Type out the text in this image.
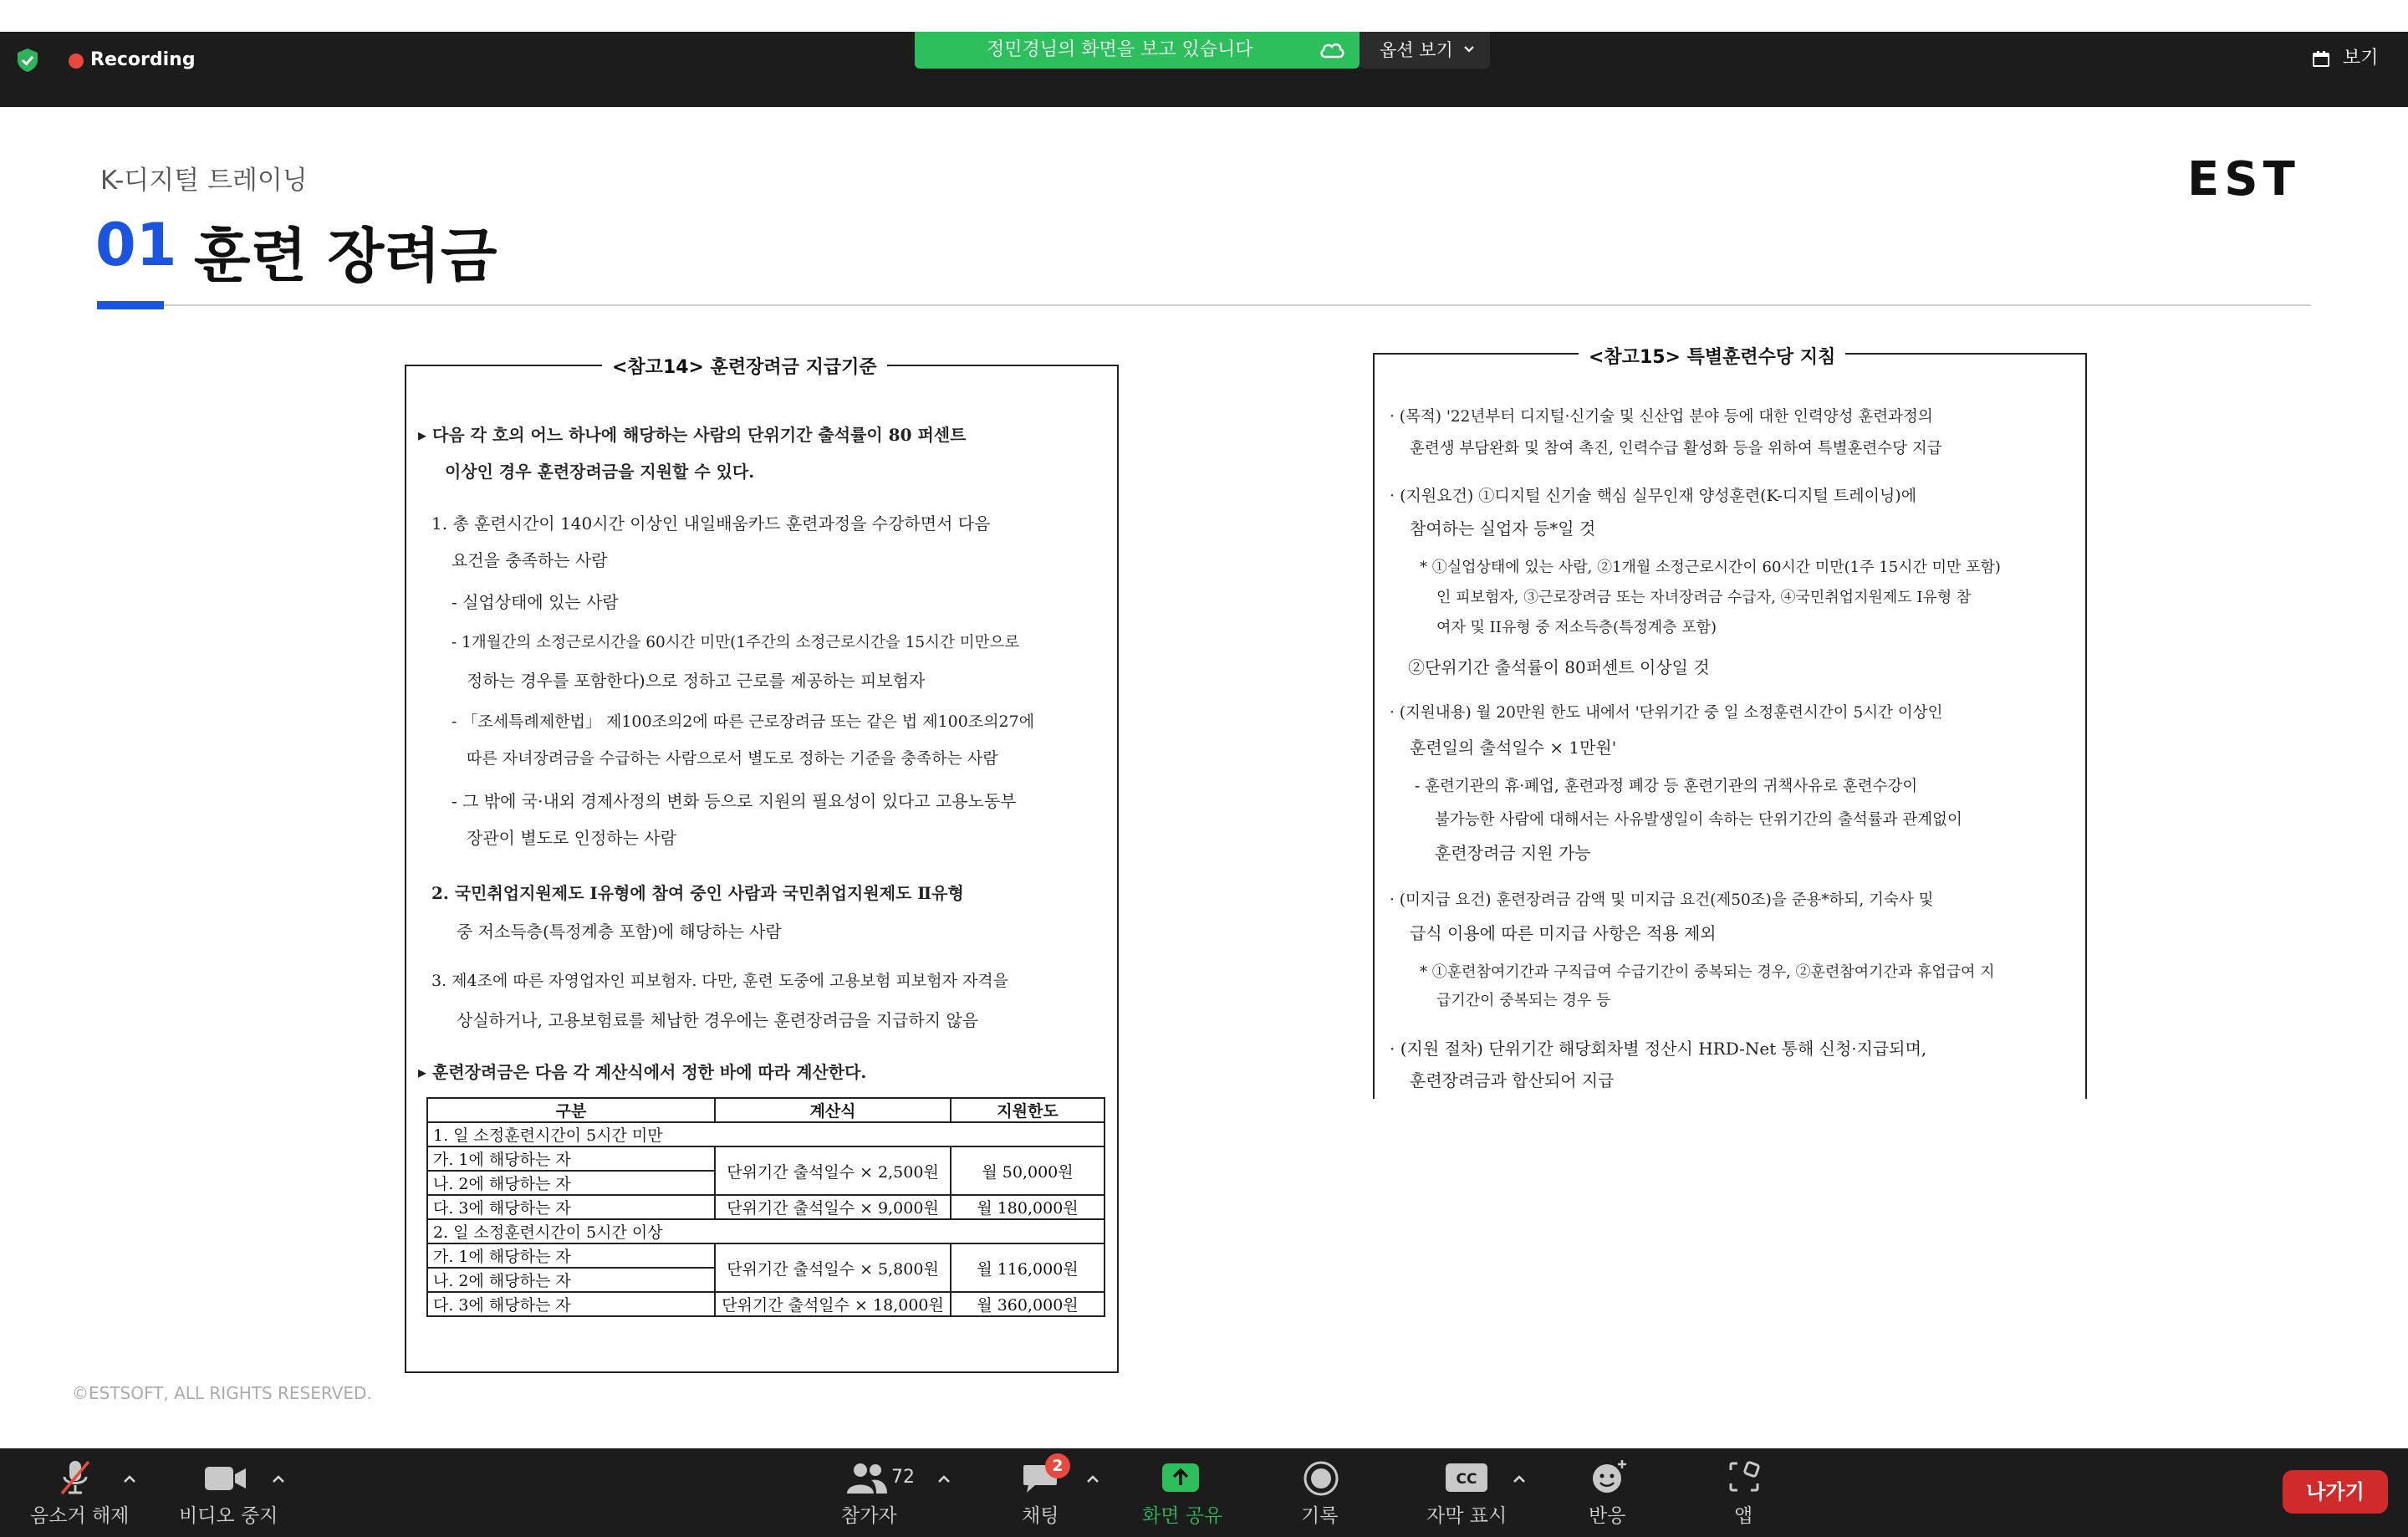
Recording	정민경님의 화면을 보고 있습니다	옵션 보기	보기
K-디지털 트레이닝	EST
01 훈련 장려금
<참고14> 훈련장려금 지급기준
▸ 다음 각 호의 어느 하나에 해당하는 사람의 단위기간 출석률이 80 퍼센트
이상인 경우 훈련장려금을 지원할 수 있다.
1. 총 훈련시간이 140시간 이상인 내일배움카드 훈련과정을 수강하면서 다음
요건을 충족하는 사람
- 실업상태에 있는 사람
- 1개월간의 소정근로시간을 60시간 미만(1주간의 소정근로시간을 15시간 미만으로
정하는 경우를 포함한다)으로 정하고 근로를 제공하는 피보험자
- 「조세특례제한법」 제100조의2에 따른 근로장려금 또는 같은 법 제100조의27에
따른 자녀장려금을 수급하는 사람으로서 별도로 정하는 기준을 충족하는 사람
- 그 밖에 국·내외 경제사정의 변화 등으로 지원의 필요성이 있다고 고용노동부
장관이 별도로 인정하는 사람
2. 국민취업지원제도 Ⅰ유형에 참여 중인 사람과 국민취업지원제도 Ⅱ유형
중 저소득층(특정계층 포함)에 해당하는 사람
3. 제4조에 따른 자영업자인 피보험자. 다만, 훈련 도중에 고용보험 피보험자 자격을
상실하거나, 고용보험료를 체납한 경우에는 훈련장려금을 지급하지 않음
▸ 훈련장려금은 다음 각 계산식에서 정한 바에 따라 계산한다.
구분	계산식	지원한도
1. 일 소정훈련시간이 5시간 미만		
가. 1에 해당하는 자	단위기간 출석일수 × 2,500원	월 50,000원
나. 2에 해당하는 자		
다. 3에 해당하는 자	단위기간 출석일수 × 9,000원	월 180,000원
2. 일 소정훈련시간이 5시간 이상		
가. 1에 해당하는 자	단위기간 출석일수 × 5,800원	월 116,000원
나. 2에 해당하는 자		
다. 3에 해당하는 자	단위기간 출석일수 × 18,000원	월 360,000원
<참고15> 특별훈련수당 지침
· (목적) '22년부터 디지털·신기술 및 신산업 분야 등에 대한 인력양성 훈련과정의
훈련생 부담완화 및 참여 촉진, 인력수급 활성화 등을 위하여 특별훈련수당 지급
· (지원요건) ①디지털 신기술 핵심 실무인재 양성훈련(K-디지털 트레이닝)에
참여하는 실업자 등*일 것
* ①실업상태에 있는 사람, ②1개월 소정근로시간이 60시간 미만(1주 15시간 미만 포함)
인 피보험자, ③근로장려금 또는 자녀장려금 수급자, ④국민취업지원제도 I유형 참
여자 및 II유형 중 저소득층(특정계층 포함)
②단위기간 출석률이 80퍼센트 이상일 것
· (지원내용) 월 20만원 한도 내에서 '단위기간 중 일 소정훈련시간이 5시간 이상인
훈련일의 출석일수 × 1만원'
- 훈련기관의 휴·폐업, 훈련과정 폐강 등 훈련기관의 귀책사유로 훈련수강이
불가능한 사람에 대해서는 사유발생일이 속하는 단위기간의 출석률과 관계없이
훈련장려금 지원 가능
· (미지급 요건) 훈련장려금 감액 및 미지급 요건(제50조)을 준용*하되, 기숙사 및
급식 이용에 따른 미지급 사항은 적용 제외
* ①훈련참여기간과 구직급여 수급기간이 중복되는 경우, ②훈련참여기간과 휴업급여 지
급기간이 중복되는 경우 등
· (지원 절차) 단위기간 해당회차별 정산시 HRD-Net 통해 신청·지급되며,
훈련장려금과 합산되어 지급
©ESTSOFT, ALL RIGHTS RESERVED.
음소거 해제	비디오 중지
72
참가자
2
채팅	화면 공유	기록
CC
자막 표시	반응	앱
나가기
